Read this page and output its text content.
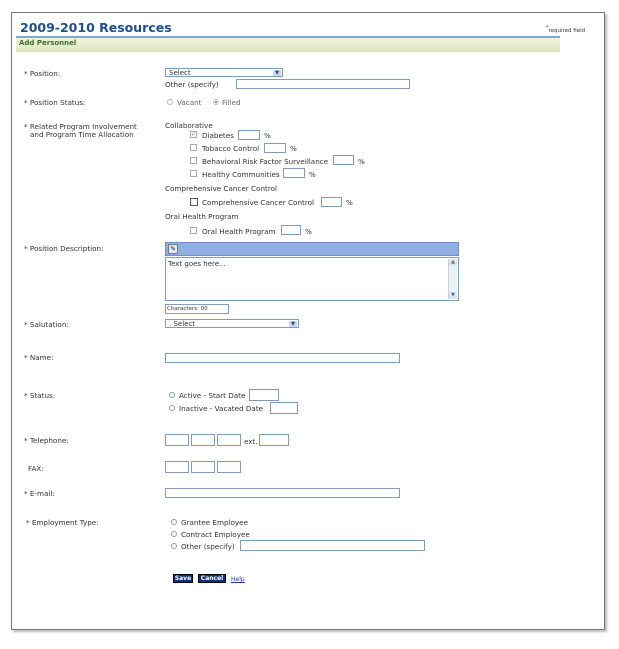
2009-2010 Resources	*required field
Add Personnel
* Position:	Select	▼
Other (specify)
* Position Status:	Vacant	Filled
* Related Program Involvement
and Program Time Allocation
Collaborative
✓ Diabetes	%
Tobacco Control	%
Behavioral Risk Factor Surveillance	%
Healthy Communities	%
Comprehensive Cancer Control
Comprehensive Cancer Control	%
Oral Health Program
Oral Health Program	%
* Position Description:	✎
Text goes here...	▲
▼
Characters: 00
* Salutation:	. Select	▼
* Name:
* Status:	Active - Start Date
Inactive - Vacated Date
* Telephone:	ext.
FAX:
* E-mail:
* Employment Type:	Grantee Employee
Contract Employee
Other (specify)
Save	Cancel	Help
